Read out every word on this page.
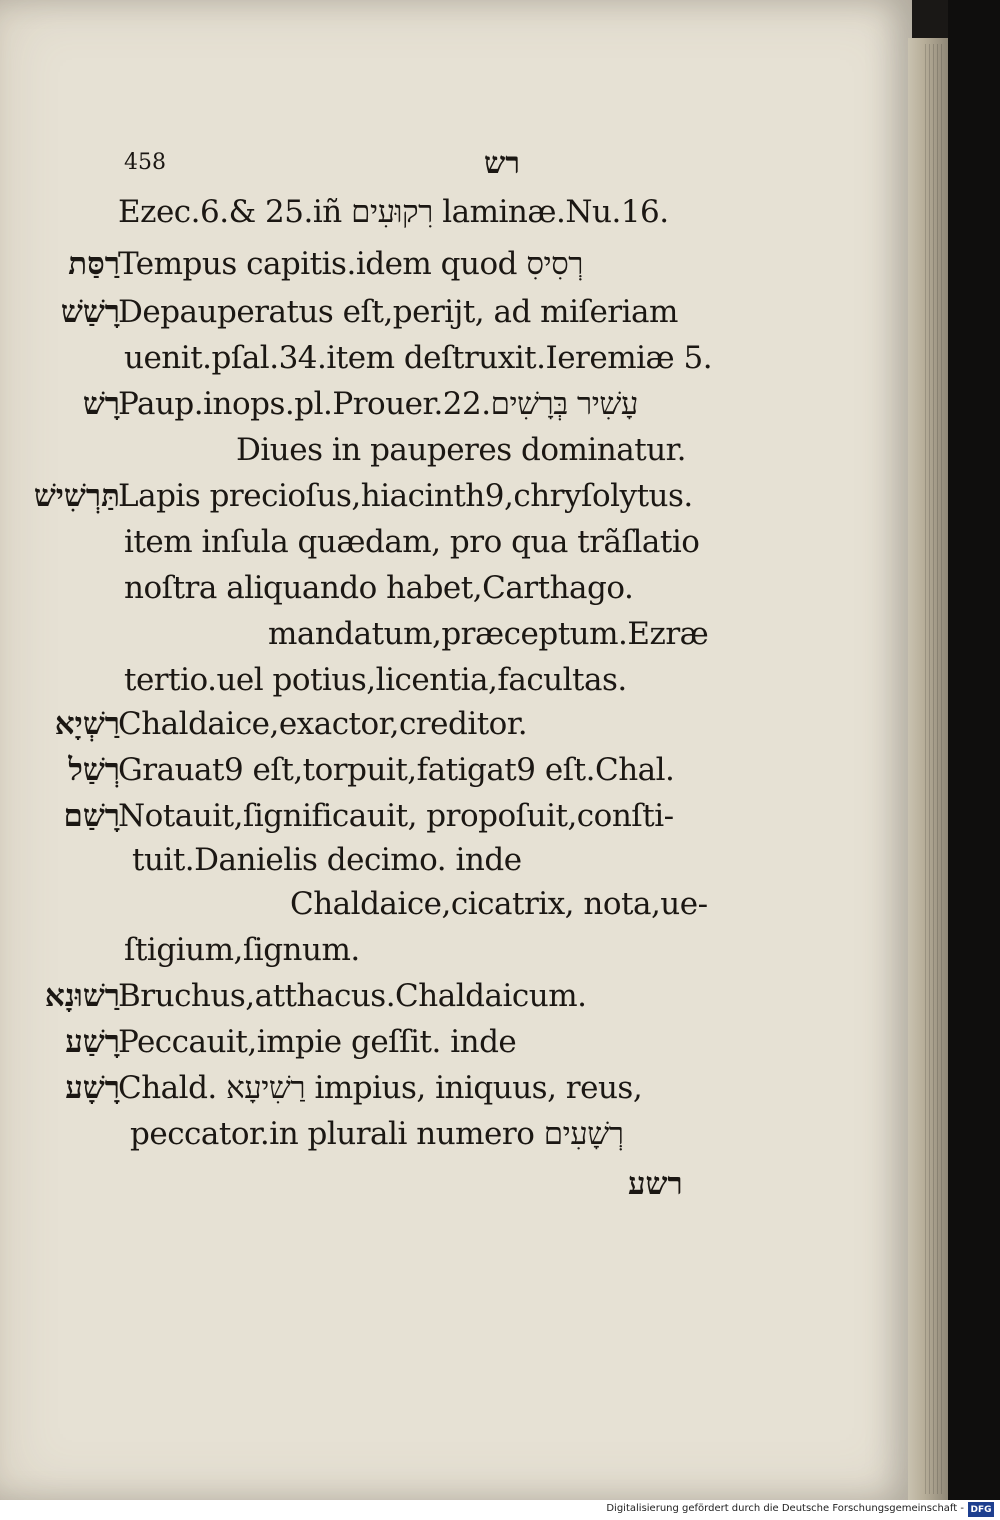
458	רש
Ezec.6.& 25.iñ רִקוּעִים laminæ.Nu.16.
רַסַּת
Tempus capitis.idem quod רְסִיסִ
רָשַׁשׁ
Depauperatus eſt,perijt, ad miſeriam
uenit.pſal.34.item deſtruxit.Ieremiæ 5.
רָשׁ
Paup.inops.pl.Prouer.22.עָשִׁיר בְּרָשִׁים
Diues in pauperes dominatur.
תַּרְשִׁישׁ
Lapis precioſus,hiacinth9,chryſolytus.
item inſula quædam, pro qua trãſlatio
noſtra aliquando habet,Carthago.
mandatum,præceptum.Ezræ
tertio.uel potius,licentia,facultas.
רַשְׁיָא
Chaldaice,exactor,creditor.
רְשַׁל
Grauat9 eſt,torpuit,fatigat9 eſt.Chal.
רָשַׁם
Notauit,ſignificauit, propoſuit,conſti-
tuit.Danielis decimo. inde
Chaldaice,cicatrix, nota,ue-
ſtigium,ſignum.
רַשׁוּנָא
Bruchus,atthacus.Chaldaicum.
רָשַׁע
Peccauit,impie geſſit. inde
רָשָׁע
Chald. רַשִׁיעָא impius, iniquus, reus,
peccator.in plurali numero רְשָׁעִים
רשע
Digitalisierung gefördert durch die Deutsche Forschungsgemeinschaft - DFG
